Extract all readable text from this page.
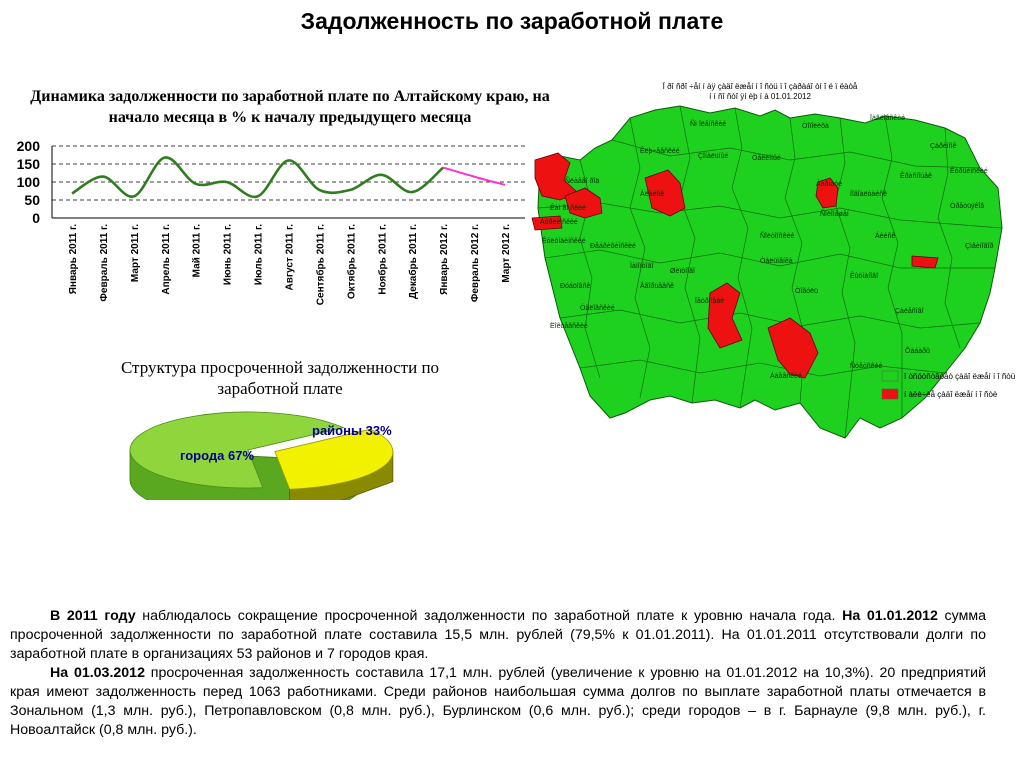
Задолженность по заработной плате
Динамика задолженности по заработной плате по Алтайскому краю, на начало месяца в % к началу предыдущего месяца
0
50
100
150
200
Январь 2011 г. Февраль 2011 г. Март 2011 г. Апрель 2011 г. Май 2011 г. Июнь 2011 г. Июль 2011 г. Август 2011 г. Сентябрь 2011 г. Октябрь 2011 г. Ноябрь 2011 г. Декабрь 2011 г. Январь 2012 г. Февраль 2012 г. Март 2012 г.
Структура просроченной задолженности по заработной плате
города 67%
районы 33%
Ï ðî ñðî ÷åí í àÿ çàäî ëæåí í î ñòü ï î çàðàáî òí î é ï ëàòå
í í ñî ñòî ÿí èþ í à 01.01.2012
Ñëàâãî ðîä
Áóðëèíñêèé
Êàì åí ñêèé
Ñì îëåíñêèé	Òîïîëèõà
Ïàâëîâñêèé
Êóëóíäèíñêèé
Ðåáðèõèíñêèé
Êëþ÷åâñêèé
Çîíàëüíûé	Öåëèííûé
Áàðíàóë
Íîâîàëòàéñê
Ðóáöîâñê
Áèéñê
Çàðèíñê
Àëåéñê
Ñîëîíåøåí
Êðàñíîùåê
Êóðüèíñêèé
Òðåòüÿêîâ
Çìåèíîãîð
Ëîêòåâñêèé
Óãëîâñêèé
Ìàìîíòîâî
Åãîðüåâñê
Øèïóíîâî
Ïåòðîïàâë
Ñîëòîíñêèé
Òàëüìåíêà
Òîãóëü
Êûòìàíîâî
Çàëåñîâî
Áàåâñêèé
Ñóåòñêèé
Õàáàðû
î òñóòñòâóåò çàäî ëæåí í î ñòü
í àëè÷èå çàäî ëæåí í î ñòè

В 2011 году наблюдалось сокращение просроченной задолженности по заработной плате к уровню начала года. На 01.01.2012 сумма просроченной задолженности по заработной плате составила 15,5 млн. рублей (79,5% к 01.01.2011). На 01.01.2011 отсутствовали долги по заработной плате в организациях 53 районов и 7 городов края.

На 01.03.2012 просроченная задолженность составила 17,1 млн. рублей (увеличение к уровню на 01.01.2012 на 10,3%). 20 предприятий края имеют задолженность перед 1063 работниками. Среди районов наибольшая сумма долгов по выплате заработной платы отмечается в Зональном (1,3 млн. руб.), Петропавловском (0,8 млн. руб.), Бурлинском (0,6 млн. руб.); среди городов – в г. Барнауле (9,8 млн. руб.), г. Новоалтайск (0,8 млн. руб.).
